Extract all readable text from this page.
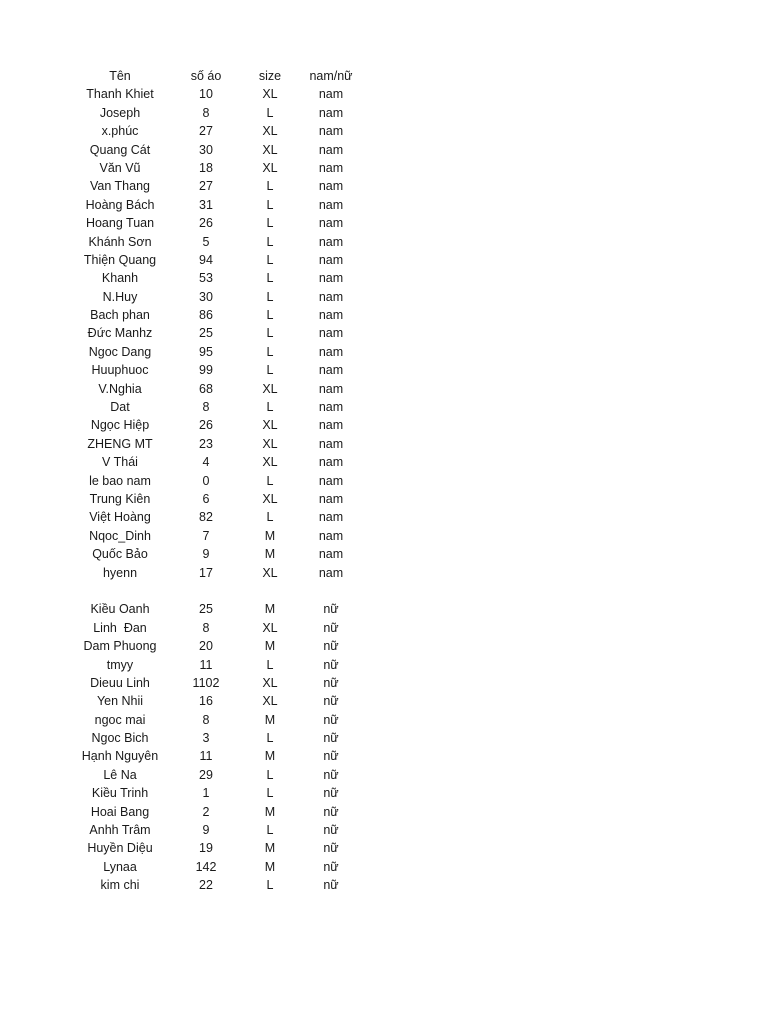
Tên	số áo	size	nam/nữ
Thanh Khiet	10	XL	nam
Joseph	8	L	nam
x.phúc	27	XL	nam
Quang Cát	30	XL	nam
Văn Vũ	18	XL	nam
Van Thang	27	L	nam
Hoàng Bách	31	L	nam
Hoang Tuan	26	L	nam
Khánh Sơn	5	L	nam
Thiện Quang	94	L	nam
Khanh	53	L	nam
N.Huy	30	L	nam
Bach phan	86	L	nam
Đức Manhz	25	L	nam
Ngoc Dang	95	L	nam
Huuphuoc	99	L	nam
V.Nghia	68	XL	nam
Dat	8	L	nam
Ngọc Hiệp	26	XL	nam
ZHENG MT	23	XL	nam
V Thái	4	XL	nam
le bao nam	0	L	nam
Trung Kiên	6	XL	nam
Việt Hoàng	82	L	nam
Nqoc_Dinh	7	M	nam
Quốc Bảo	9	M	nam
hyenn	17	XL	nam
Kiều Oanh	25	M	nữ
Linh  Đan	8	XL	nữ
Dam Phuong	20	M	nữ
tmyy	11	L	nữ
Dieuu Linh	1102	XL	nữ
Yen Nhii	16	XL	nữ
ngoc mai	8	M	nữ
Ngoc Bich	3	L	nữ
Hạnh Nguyên	11	M	nữ
Lê Na	29	L	nữ
Kiều Trinh	1	L	nữ
Hoai Bang	2	M	nữ
Anhh Trâm	9	L	nữ
Huyền Diệu	19	M	nữ
Lynaa	142	M	nữ
kim chi	22	L	nữ
